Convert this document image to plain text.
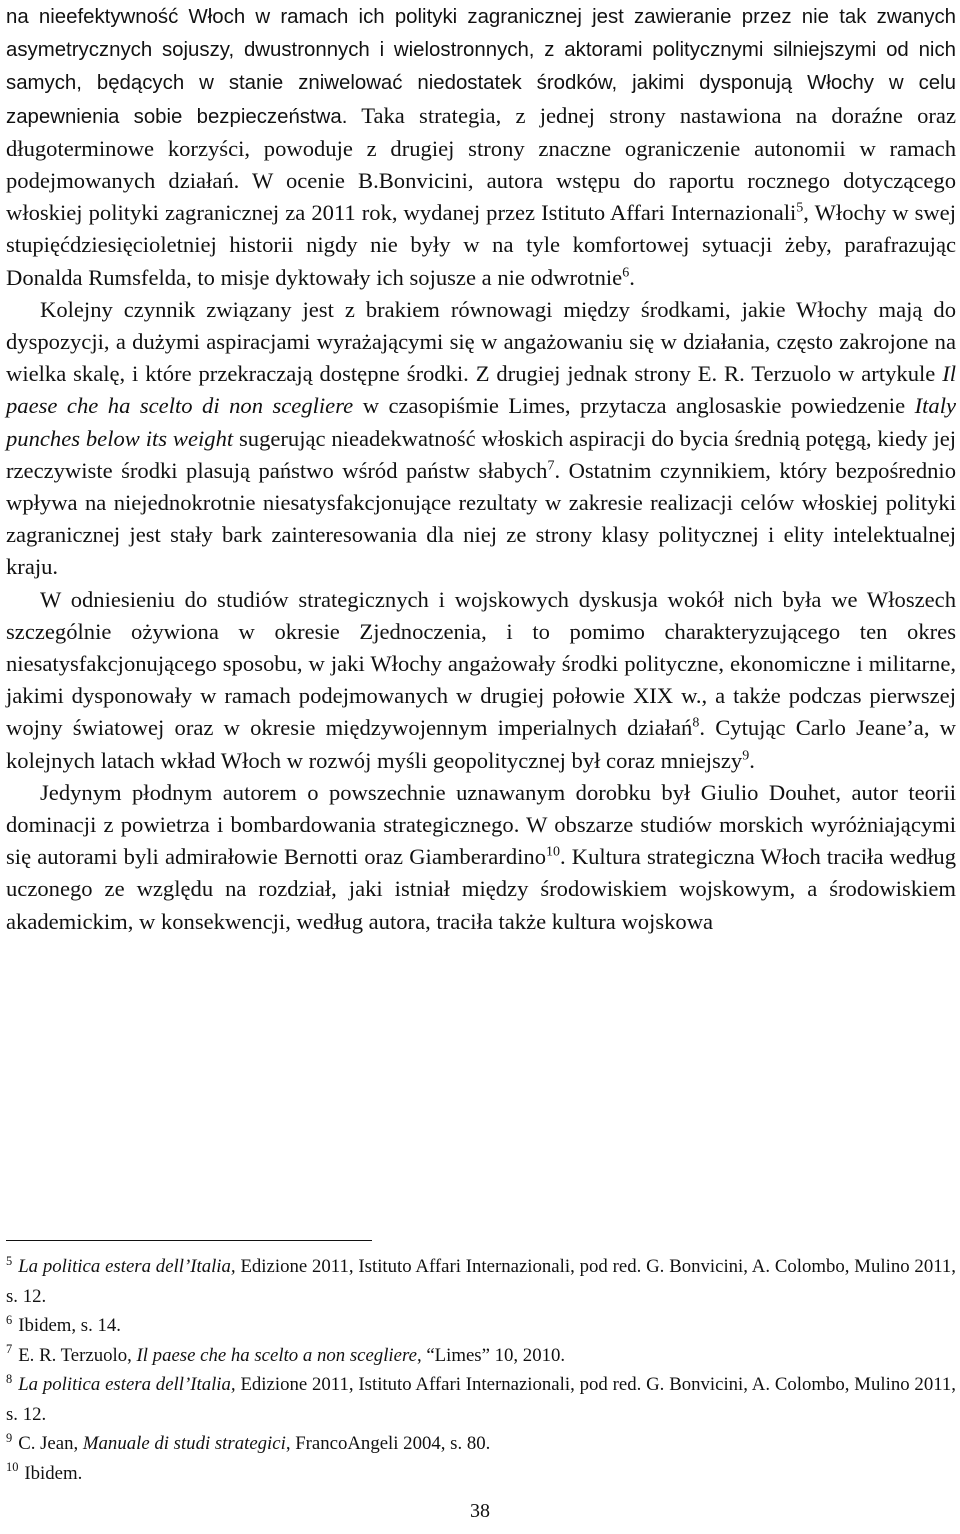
na nieefektywność Włoch w ramach ich polityki zagranicznej jest zawieranie przez nie tak zwanych asymetrycznych sojuszy, dwustronnych i wielostronnych, z aktorami politycznymi silniejszymi od nich samych, będących w stanie zniwelować niedostatek środków, jakimi dysponują Włochy w celu zapewnienia sobie bezpieczeństwa. Taka strategia, z jednej strony nastawiona na doraźne oraz długoterminowe korzyści, powoduje z drugiej strony znaczne ograniczenie autonomii w ramach podejmowanych działań. W ocenie B.Bonvicini, autora wstępu do raportu rocznego dotyczącego włoskiej polityki zagranicznej za 2011 rok, wydanej przez Istituto Affari Internazionali$^5$, Włochy w swej stupięćdziesięcioletniej historii nigdy nie były w na tyle komfortowej sytuacji żeby, parafrazując Donalda Rumsfelda, to misje dyktowały ich sojusze a nie odwrotnie$^6$.

Kolejny czynnik związany jest z brakiem równowagi między środkami, jakie Włochy mają do dyspozycji, a dużymi aspiracjami wyrażającymi się w angażowaniu się w działania, często zakrojone na wielka skalę, i które przekraczają dostępne środki. Z drugiej jednak strony E. R. Terzuolo w artykule Il paese che ha scelto di non scegliere w czasopiśmie Limes, przytacza anglosaskie powiedzenie Italy punches below its weight sugerując nieadekwatność włoskich aspiracji do bycia średnią potęgą, kiedy jej rzeczywiste środki plasują państwo wśród państw słabych$^7$. Ostatnim czynnikiem, który bezpośrednio wpływa na niejednokrotnie niesatysfakcjonujące rezultaty w zakresie realizacji celów włoskiej polityki zagranicznej jest stały bark zainteresowania dla niej ze strony klasy politycznej i elity intelektualnej kraju.

W odniesieniu do studiów strategicznych i wojskowych dyskusja wokół nich była we Włoszech szczególnie ożywiona w okresie Zjednoczenia, i to pomimo charakteryzującego ten okres niesatysfakcjonującego sposobu, w jaki Włochy angażowały środki polityczne, ekonomiczne i militarne, jakimi dysponowały w ramach podejmowanych w drugiej połowie XIX w., a także podczas pierwszej wojny światowej oraz w okresie międzywojennym imperialnych działań$^8$. Cytując Carlo Jeane’a, w kolejnych latach wkład Włoch w rozwój myśli geopolitycznej był coraz mniejszy$^9$.

Jedynym płodnym autorem o powszechnie uznawanym dorobku był Giulio Douhet, autor teorii dominacji z powietrza i bombardowania strategicznego. W obszarze studiów morskich wyróżniającymi się autorami byli admirałowie Bernotti oraz Giamberardino$^{10}$. Kultura strategiczna Włoch traciła według uczonego ze względu na rozdział, jaki istniał między środowiskiem wojskowym, a środowiskiem akademickim, w konsekwencji, według autora, traciła także kultura wojskowa

$^5$ La politica estera dell’Italia, Edizione 2011, Istituto Affari Internazionali, pod red. G. Bonvicini, A. Colombo, Mulino 2011, s. 12.

$^6$ Ibidem, s. 14.

$^7$ E. R. Terzuolo, Il paese che ha scelto a non scegliere, “Limes” 10, 2010.

$^8$ La politica estera dell’Italia, Edizione 2011, Istituto Affari Internazionali, pod red. G. Bonvicini, A. Colombo, Mulino 2011, s. 12.

$^9$ C. Jean, Manuale di studi strategici, FrancoAngeli 2004, s. 80.

$^{10}$ Ibidem.

38
